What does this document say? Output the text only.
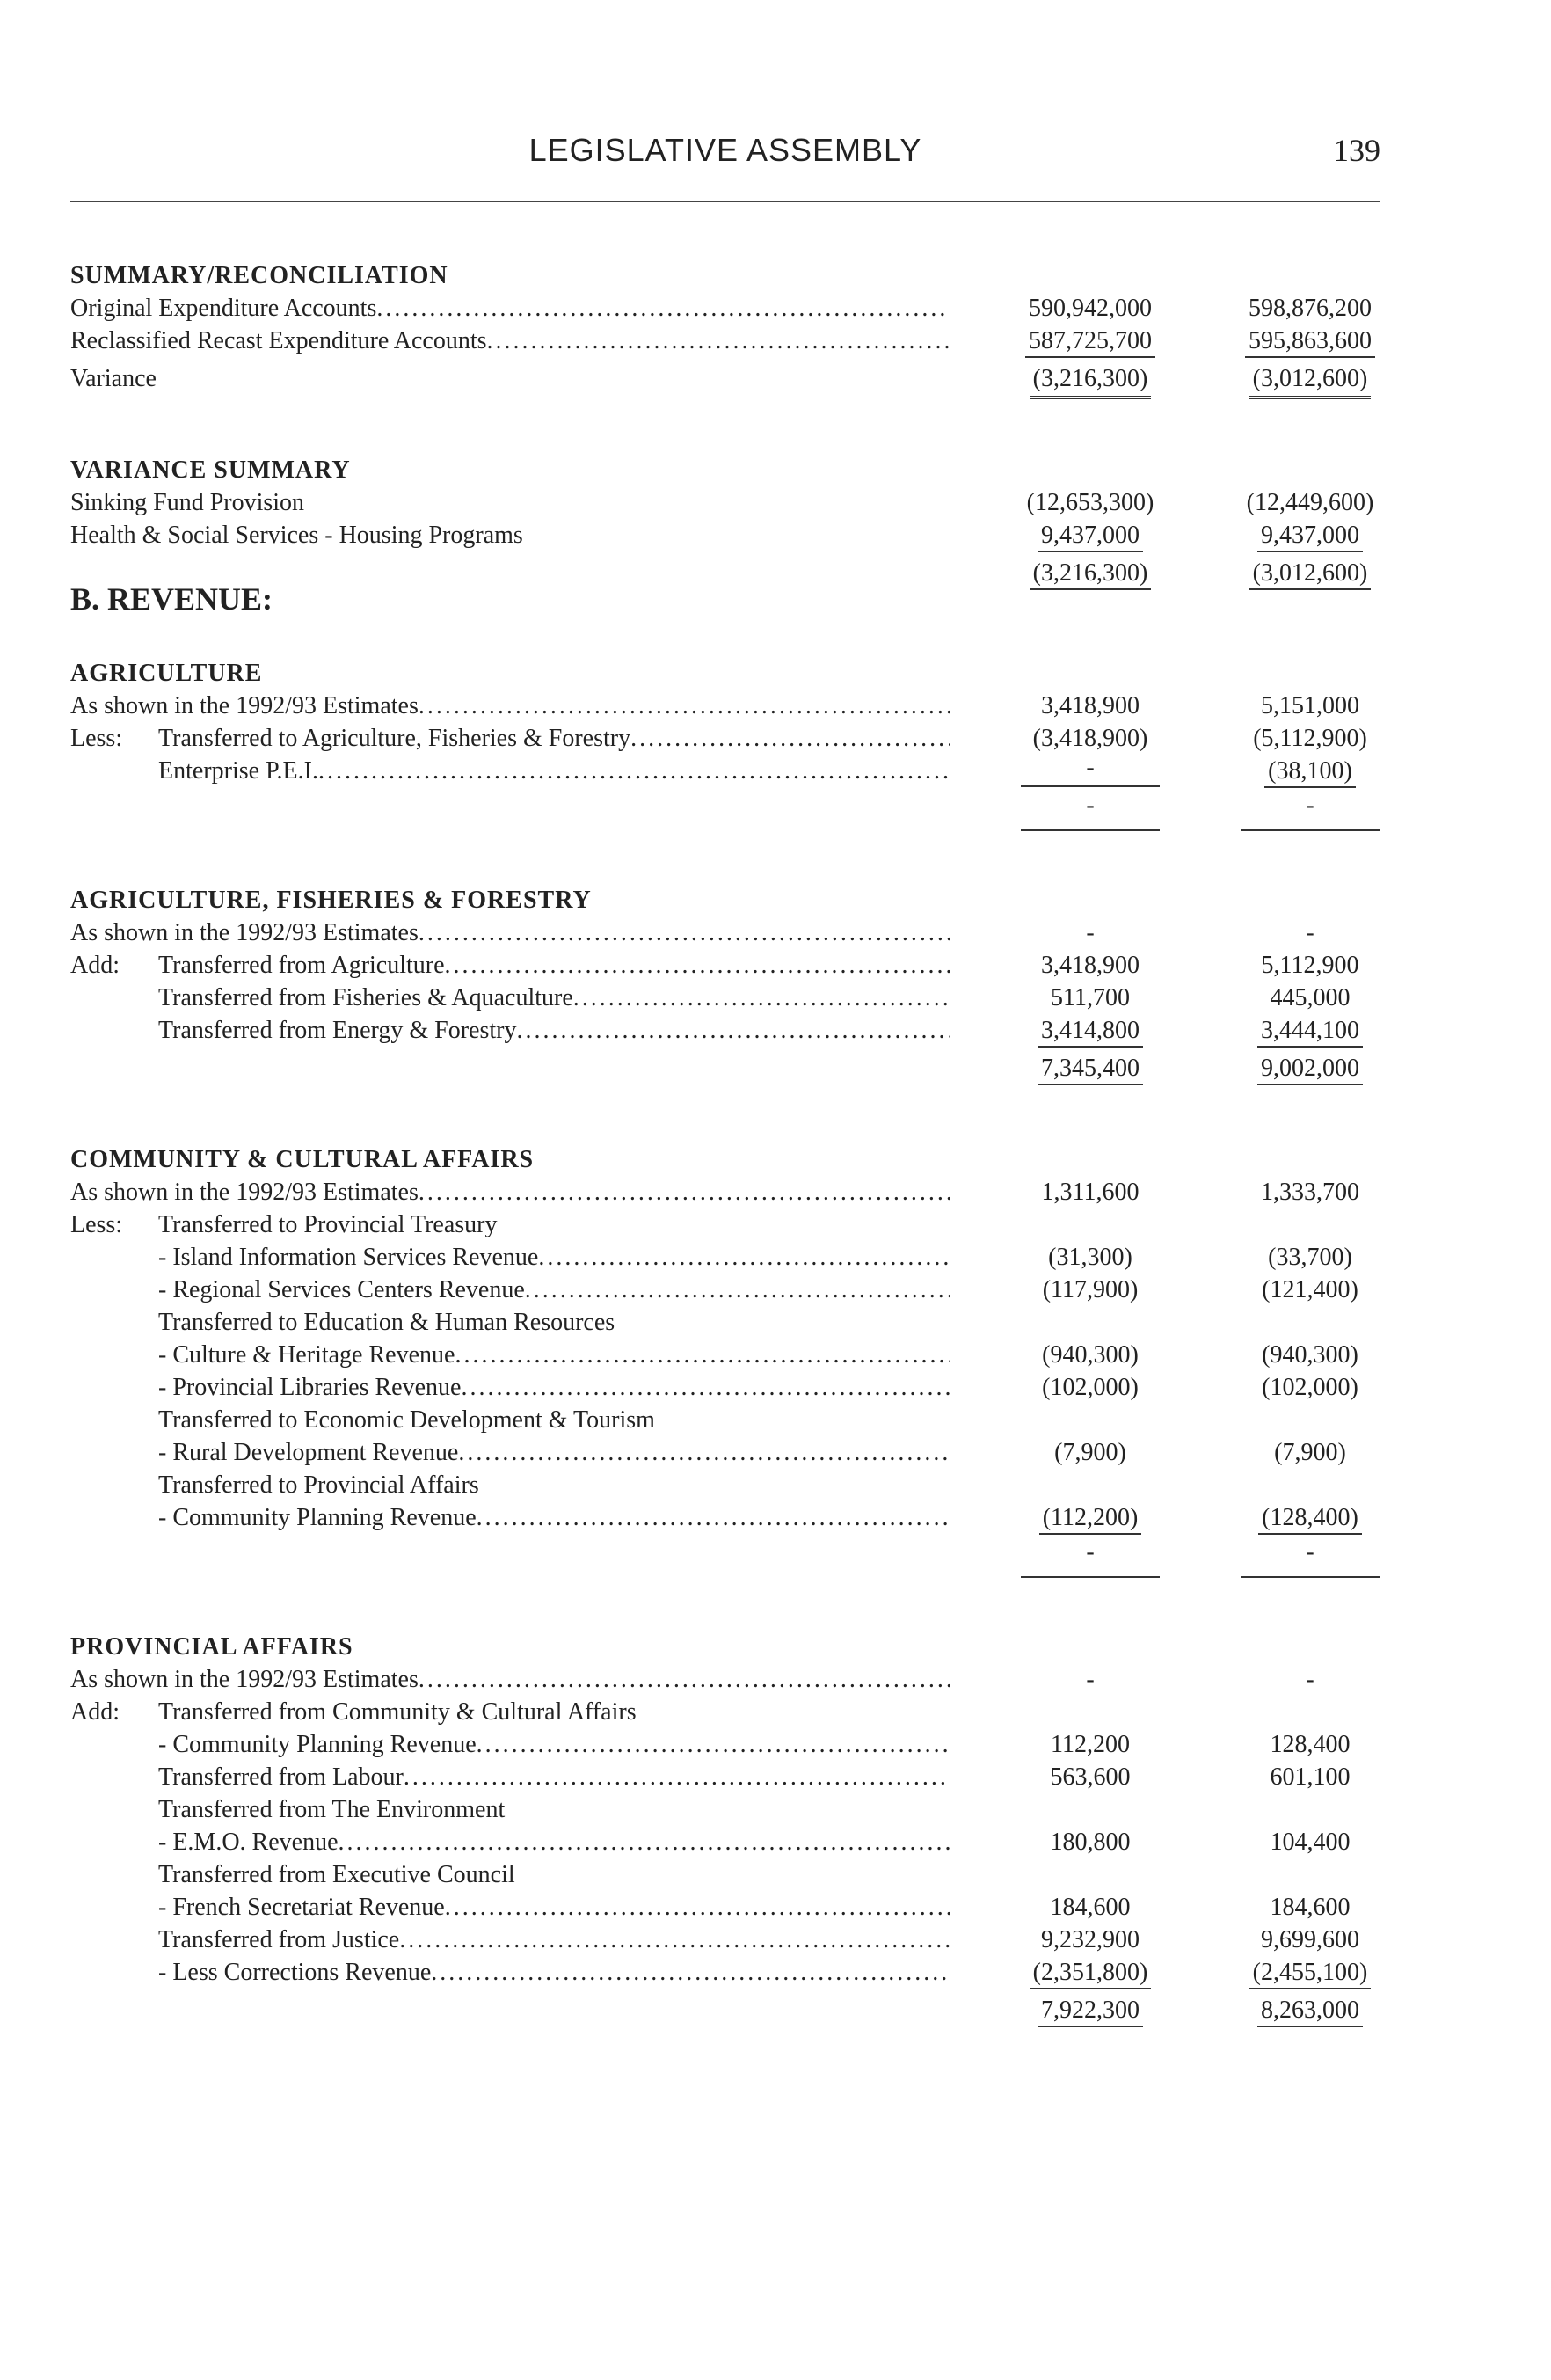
LEGISLATIVE ASSEMBLY	139
SUMMARY/RECONCILIATION
Original Expenditure Accounts . . .	590,942,000	598,876,200
Reclassified Recast Expenditure Accounts . . .	587,725,700	595,863,600
Variance	(3,216,300)	(3,012,600)
VARIANCE SUMMARY
Sinking Fund Provision	(12,653,300)	(12,449,600)
Health & Social Services - Housing Programs	9,437,000	9,437,000
(3,216,300)	(3,012,600)
B. REVENUE:
AGRICULTURE
As shown in the 1992/93 Estimates . . .	3,418,900	5,151,000
Less:	Transferred to Agriculture, Fisheries & Forestry . . .	(3,418,900)	(5,112,900)
Enterprise P.E.I. . . .	-	(38,100)
-	-
AGRICULTURE, FISHERIES & FORESTRY
As shown in the 1992/93 Estimates . . .	-	-
Add:	Transferred from Agriculture . . .	3,418,900	5,112,900
Transferred from Fisheries & Aquaculture . . .	511,700	445,000
Transferred from Energy & Forestry . . .	3,414,800	3,444,100
7,345,400	9,002,000
COMMUNITY & CULTURAL AFFAIRS
As shown in the 1992/93 Estimates . . .	1,311,600	1,333,700
Less:	Transferred to Provincial Treasury
- Island Information Services Revenue . . .	(31,300)	(33,700)
- Regional Services Centers Revenue . . .	(117,900)	(121,400)
Transferred to Education & Human Resources
- Culture & Heritage Revenue . . .	(940,300)	(940,300)
- Provincial Libraries Revenue . . .	(102,000)	(102,000)
Transferred to Economic Development & Tourism
- Rural Development Revenue . . .	(7,900)	(7,900)
Transferred to Provincial Affairs
- Community Planning Revenue . . .	(112,200)	(128,400)
-	-
PROVINCIAL AFFAIRS
As shown in the 1992/93 Estimates . . .	-	-
Add:	Transferred from Community & Cultural Affairs
- Community Planning Revenue . . .	112,200	128,400
Transferred from Labour . . .	563,600	601,100
Transferred from The Environment
- E.M.O. Revenue . . .	180,800	104,400
Transferred from Executive Council
- French Secretariat Revenue . . .	184,600	184,600
Transferred from Justice . . .	9,232,900	9,699,600
- Less Corrections Revenue . . .	(2,351,800)	(2,455,100)
7,922,300	8,263,000
